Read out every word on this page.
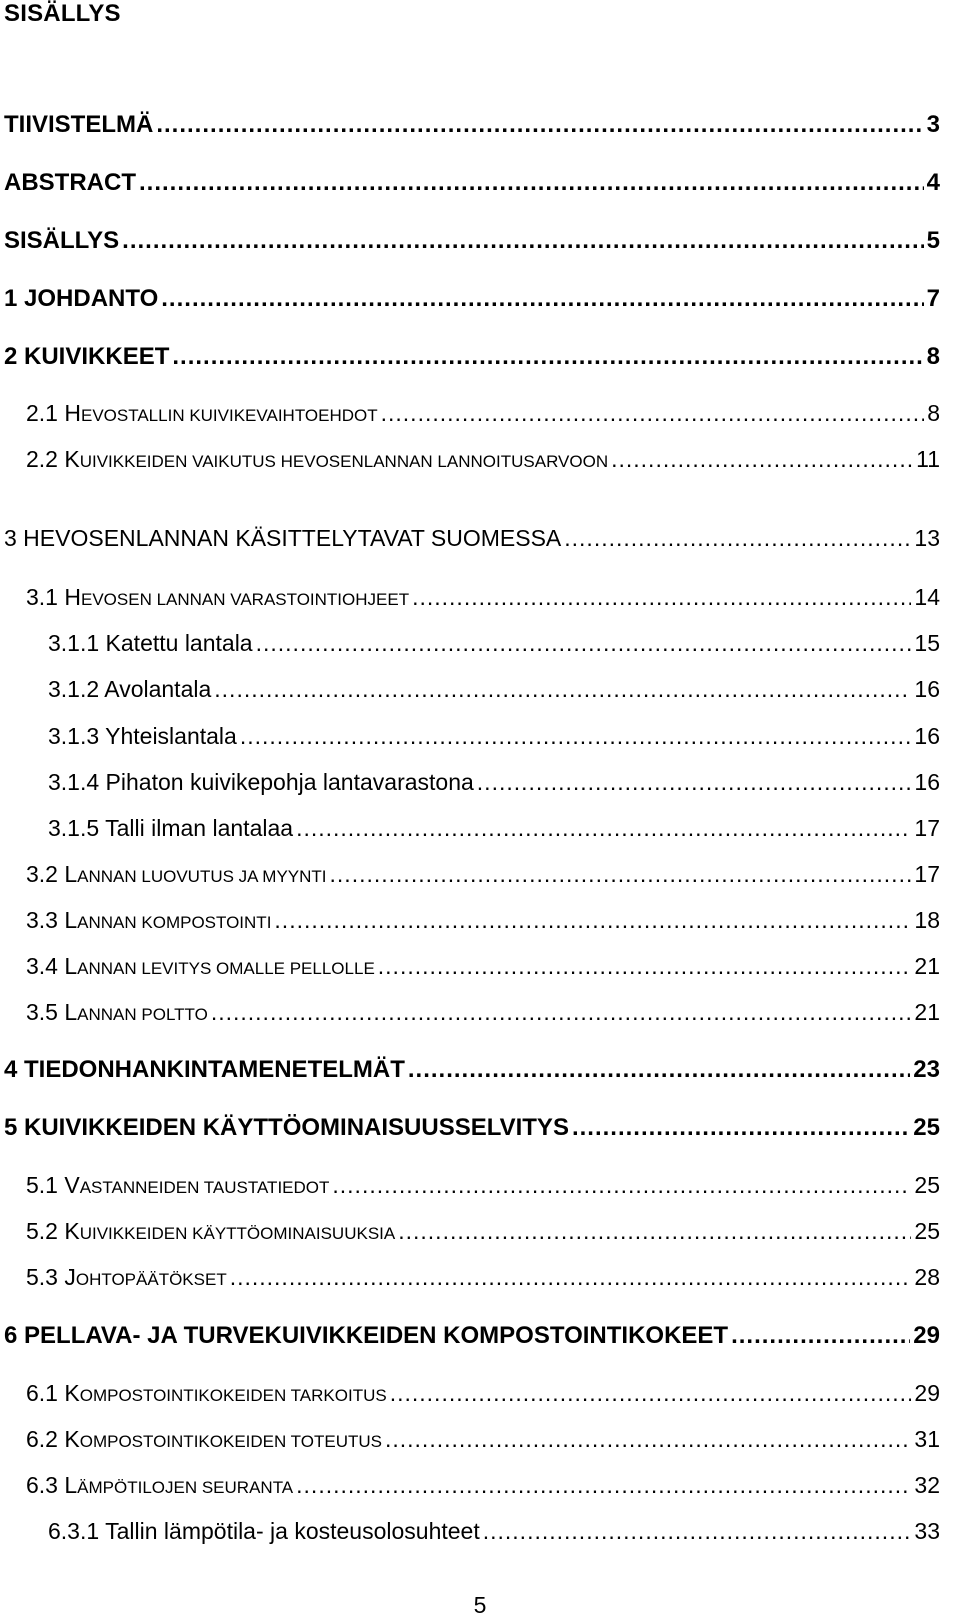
SISÄLLYS
TIIVISTELMÄ .....	3
ABSTRACT .....	4
SISÄLLYS .....	5
1 JOHDANTO .....	7
2 KUIVIKKEET .....	8
2.1 HEVOSTALLIN KUIVIKEVAIHTOEHDOT .....	8
2.2 KUIVIKKEIDEN VAIKUTUS HEVOSENLANNAN LANNOITUSARVOON .....	11
3 HEVOSENLANNAN KÄSITTELYTAVAT SUOMESSA .....	13
3.1 HEVOSEN LANNAN VARASTOINTIOHJEET .....	14
3.1.1 Katettu lantala .....	15
3.1.2 Avolantala .....	16
3.1.3 Yhteislantala .....	16
3.1.4 Pihaton kuivikepohja lantavarastona .....	16
3.1.5 Talli ilman lantalaa .....	17
3.2 LANNAN LUOVUTUS JA MYYNTI .....	17
3.3 LANNAN KOMPOSTOINTI .....	18
3.4 LANNAN LEVITYS OMALLE PELLOLLE .....	21
3.5 LANNAN POLTTO .....	21
4 TIEDONHANKINTAMENETELMÄT .....	23
5 KUIVIKKEIDEN KÄYTTÖOMINAISUUSSELVITYS .....	25
5.1 VASTANNEIDEN TAUSTATIEDOT .....	25
5.2 KUIVIKKEIDEN KÄYTTÖOMINAISUUKSIA .....	25
5.3 JOHTOPÄÄTÖKSET .....	28
6 PELLAVA- JA TURVEKUIVIKKEIDEN KOMPOSTOINTIKOKEET .....	29
6.1 KOMPOSTOINTIKOKEIDEN TARKOITUS .....	29
6.2 KOMPOSTOINTIKOKEIDEN TOTEUTUS .....	31
6.3 LÄMPÖTILOJEN SEURANTA .....	32
6.3.1 Tallin lämpötila- ja kosteusolosuhteet .....	33
5
